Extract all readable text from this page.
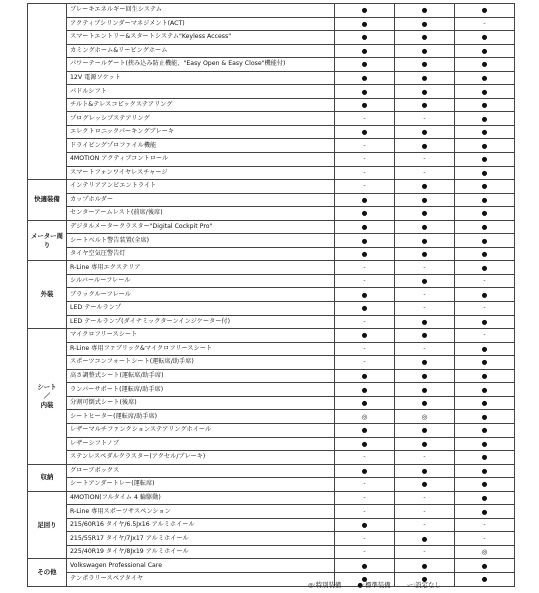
	ブレーキエネルギー回生システム	●	●	●
	アクティブシリンダーマネジメント(ACT)	●	●	-
	スマートエントリー&スタートシステム"Keyless Access"	●	●	●
	カミングホーム&リービングホーム	●	●	●
	パワーテールゲート(挟み込み防止機能、"Easy Open & Easy Close"機能付)	●	●	●
	12V 電源ソケット	●	●	●
	パドルシフト	●	●	●
	チルト&テレスコピックステアリング	●	●	●
	プログレッシブステアリング	-	-	●
	エレクトロニックパーキングブレーキ	●	●	●
	ドライビングプロファイル機能	-	●	●
	4MOTION アクティブコントロール	-	-	●
	スマートフォンワイヤレスチャージ	-	-	●
快適装備	インテリアアンビエントライト	-	●	●
	カップホルダー	●	●	●
	センターアームレスト(前席/後席)	●	●	●
メーター周り	デジタルメータークラスター"Digital Cockpit Pro"	●	●	●
	シートベルト警告装置(全席)	●	●	●
	タイヤ空気圧警告灯	●	●	●
外装	R-Line 専用エクステリア	-	-	●
	シルバールーフレール	-	●	-
	ブラックルーフレール	●	-	●
	LED テールランプ	●	-	-
	LED テールランプ(ダイナミックターンインジケーター付)	-	●	●

シート
／
内装	マイクロフリースシート	●	●	-
	R-Line 専用ファブリック&マイクロフリースシート	-	-	●
	スポーツコンフォートシート(運転席/助手席)	-	●	●
	高さ調整式シート(運転席/助手席)	●	●	●
	ランバーサポート(運転席/助手席)	●	●	●
	分割可倒式シート(後席)	●	●	●
	シートヒーター(運転席/助手席)	◎	◎	●
	レザーマルチファンクションステアリングホイール	●	●	●
	レザーシフトノブ	●	●	●
	ステンレスペダルクラスター(アクセル/ブレーキ)	-	-	●
収納	グローブボックス	●	●	●
	シートアンダートレー(運転席)	-	●	●
足回り	4MOTION(フルタイム 4 輪駆動)	-	-	●
	R-Line 専用スポーツサスペンション	-	-	●
	215/60R16 タイヤ/6.5Jx16 アルミホイール	●	-	-
	215/55R17 タイヤ/7Jx17 アルミホイール	-	●	-
	225/40R19 タイヤ/8Jx19 アルミホイール	-	-	◎
その他	Volkswagen Professional Care	●	●	●
	テンポラリースペアタイヤ	●	●	●
◎:特別装備	●:標準装備	ー:設定なし
